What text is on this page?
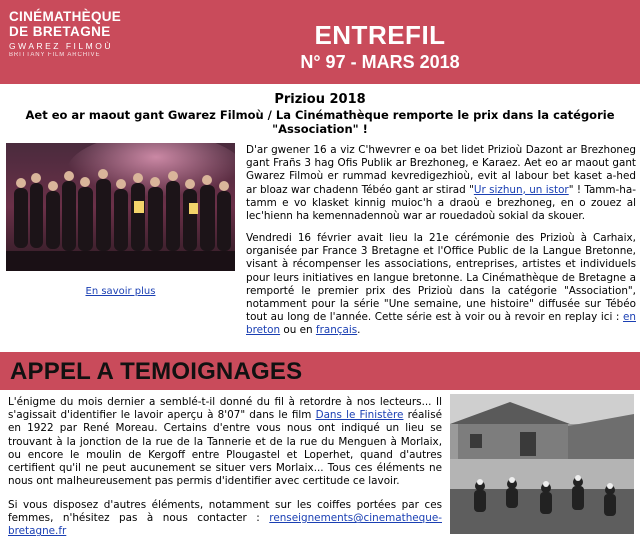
CINÉMATHÈQUE
DE BRETAGNE
GWAREZ FILMOÙ
BRITTANY FILM ARCHIVE
ENTREFIL
N° 97 - MARS 2018
Priziou 2018
Aet eo ar maout gant Gwarez Filmoù / La Cinémathèque remporte le prix dans la catégorie "Association" !
En savoir plus
D'ar gwener 16 a viz C'hwevrer e oa bet lidet Prizioù Dazont ar Brezhoneg gant Frañs 3 hag Ofis Publik ar Brezhoneg, e Karaez. Aet eo ar maout gant Gwarez Filmoù er rummad kevredigezhioù, evit al labour bet kaset a-hed ar bloaz war chadenn Tébéo gant ar stirad "Ur sizhun, un istor" ! Tamm-ha-tamm e vo klasket kinnig muioc'h a draoù e brezhoneg, en o zouez al lec'hienn ha kemennadennoù war ar rouedadoù sokial da skouer.
Vendredi 16 février avait lieu la 21e cérémonie des Prizioù à Carhaix, organisée par France 3 Bretagne et l'Office Public de la Langue Bretonne, visant à récompenser les associations, entreprises, artistes et individuels pour leurs initiatives en langue bretonne. La Cinémathèque de Bretagne a remporté le premier prix des Prizioù dans la catégorie "Association", notamment pour la série "Une semaine, une histoire" diffusée sur Tébéo tout au long de l'année. Cette série est à voir ou à revoir en replay ici : en breton ou en français.
APPEL A TEMOIGNAGES
L'énigme du mois dernier a semblé-t-il donné du fil à retordre à nos lecteurs... Il s'agissait d'identifier le lavoir aperçu à 8'07" dans le film Dans le Finistère réalisé en 1922 par René Moreau. Certains d'entre vous nous ont indiqué un lieu se trouvant à la jonction de la rue de la Tannerie et de la rue du Menguen à Morlaix, ou encore le moulin de Kergoff entre Plougastel et Loperhet, quand d'autres certifient qu'il ne peut aucunement se situer vers Morlaix... Tous ces éléments ne nous ont malheureusement pas permis d'identifier avec certitude ce lavoir.
Si vous disposez d'autres éléments, notamment sur les coiffes portées par ces femmes, n'hésitez pas à nous contacter : renseignements@cinematheque-bretagne.fr
